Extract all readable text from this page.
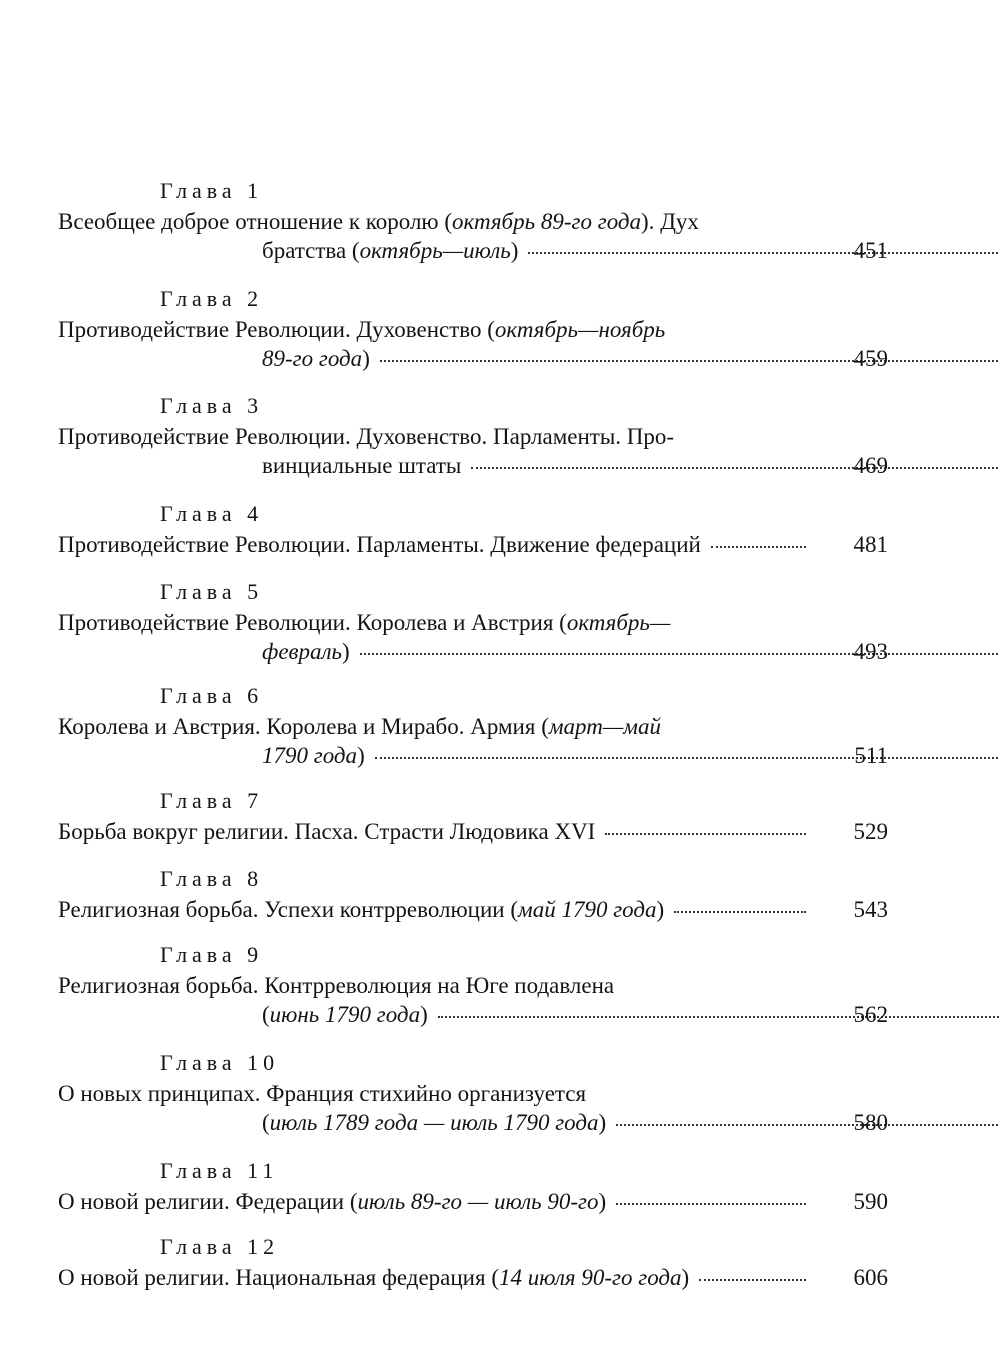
Глава 1
Всеобщее доброе отношение к королю (октябрь 89-го года). Дух
братства (октябрь—июль)	451
Глава 2
Противодействие Революции. Духовенство (октябрь—ноябрь
89-го года)	459
Глава 3
Противодействие Революции. Духовенство. Парламенты. Про-
винциальные штаты	469
Глава 4
Противодействие Революции. Парламенты. Движение федераций	481
Глава 5
Противодействие Революции. Королева и Австрия (октябрь—
февраль)	493
Глава 6
Королева и Австрия. Королева и Мирабо. Армия (март—май
1790 года)	511
Глава 7
Борьба вокруг религии. Пасха. Страсти Людовика XVI	529
Глава 8
Религиозная борьба. Успехи контрреволюции (май 1790 года)	543
Глава 9
Религиозная борьба. Контрреволюция на Юге подавлена
(июнь 1790 года)	562
Глава 10
О новых принципах. Франция стихийно организуется
(июль 1789 года — июль 1790 года)	580
Глава 11
О новой религии. Федерации (июль 89-го — июль 90-го)	590
Глава 12
О новой религии. Национальная федерация (14 июля 90-го года)	606
